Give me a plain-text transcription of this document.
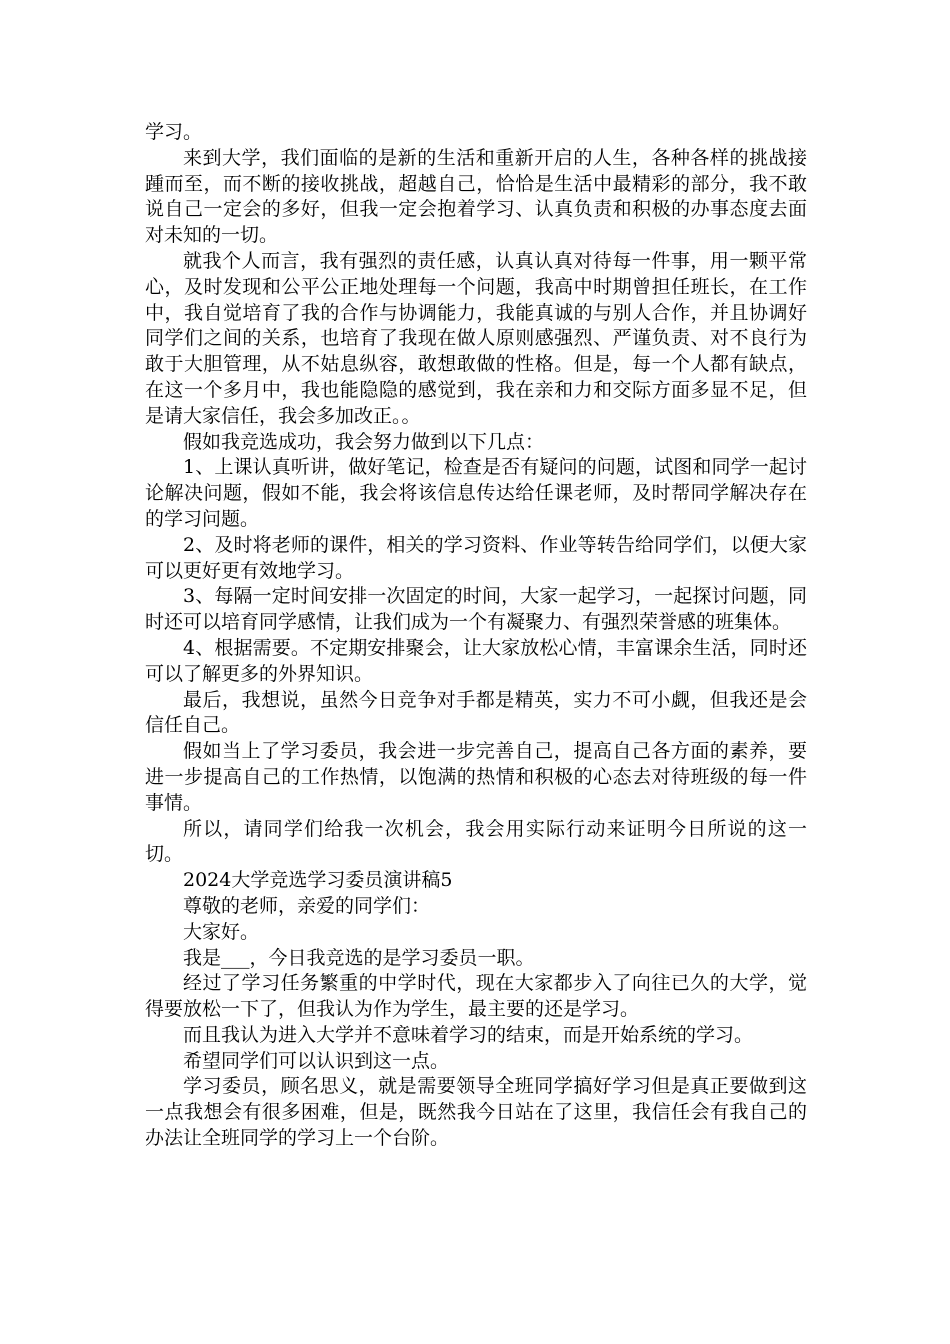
学习。

来到大学，我们面临的是新的生活和重新开启的人生，各种各样的挑战接踵而至，而不断的接收挑战，超越自己，恰恰是生活中最精彩的部分，我不敢说自己一定会的多好，但我一定会抱着学习、认真负责和积极的办事态度去面对未知的一切。

就我个人而言，我有强烈的责任感，认真认真对待每一件事，用一颗平常心，及时发现和公平公正地处理每一个问题，我高中时期曾担任班长，在工作中，我自觉培育了我的合作与协调能力，我能真诚的与别人合作，并且协调好同学们之间的关系，也培育了我现在做人原则感强烈、严谨负责、对不良行为敢于大胆管理，从不姑息纵容，敢想敢做的性格。但是，每一个人都有缺点，在这一个多月中，我也能隐隐的感觉到，我在亲和力和交际方面多显不足，但是请大家信任，我会多加改正。。

假如我竞选成功，我会努力做到以下几点：

1、上课认真听讲，做好笔记，检查是否有疑问的问题，试图和同学一起讨论解决问题，假如不能，我会将该信息传达给任课老师，及时帮同学解决存在的学习问题。

2、及时将老师的课件，相关的学习资料、作业等转告给同学们，以便大家可以更好更有效地学习。

3、每隔一定时间安排一次固定的时间，大家一起学习，一起探讨问题，同时还可以培育同学感情，让我们成为一个有凝聚力、有强烈荣誉感的班集体。

4、根据需要。不定期安排聚会，让大家放松心情，丰富课余生活，同时还可以了解更多的外界知识。

最后，我想说，虽然今日竞争对手都是精英，实力不可小觑，但我还是会信任自己。

假如当上了学习委员，我会进一步完善自己，提高自己各方面的素养，要进一步提高自己的工作热情，以饱满的热情和积极的心态去对待班级的每一件事情。

所以，请同学们给我一次机会，我会用实际行动来证明今日所说的这一切。

2024大学竞选学习委员演讲稿5

尊敬的老师，亲爱的同学们：

大家好。

我是___，今日我竞选的是学习委员一职。

经过了学习任务繁重的中学时代，现在大家都步入了向往已久的大学，觉得要放松一下了，但我认为作为学生，最主要的还是学习。

而且我认为进入大学并不意味着学习的结束，而是开始系统的学习。

希望同学们可以认识到这一点。

学习委员，顾名思义，就是需要领导全班同学搞好学习但是真正要做到这一点我想会有很多困难，但是，既然我今日站在了这里，我信任会有我自己的办法让全班同学的学习上一个台阶。
